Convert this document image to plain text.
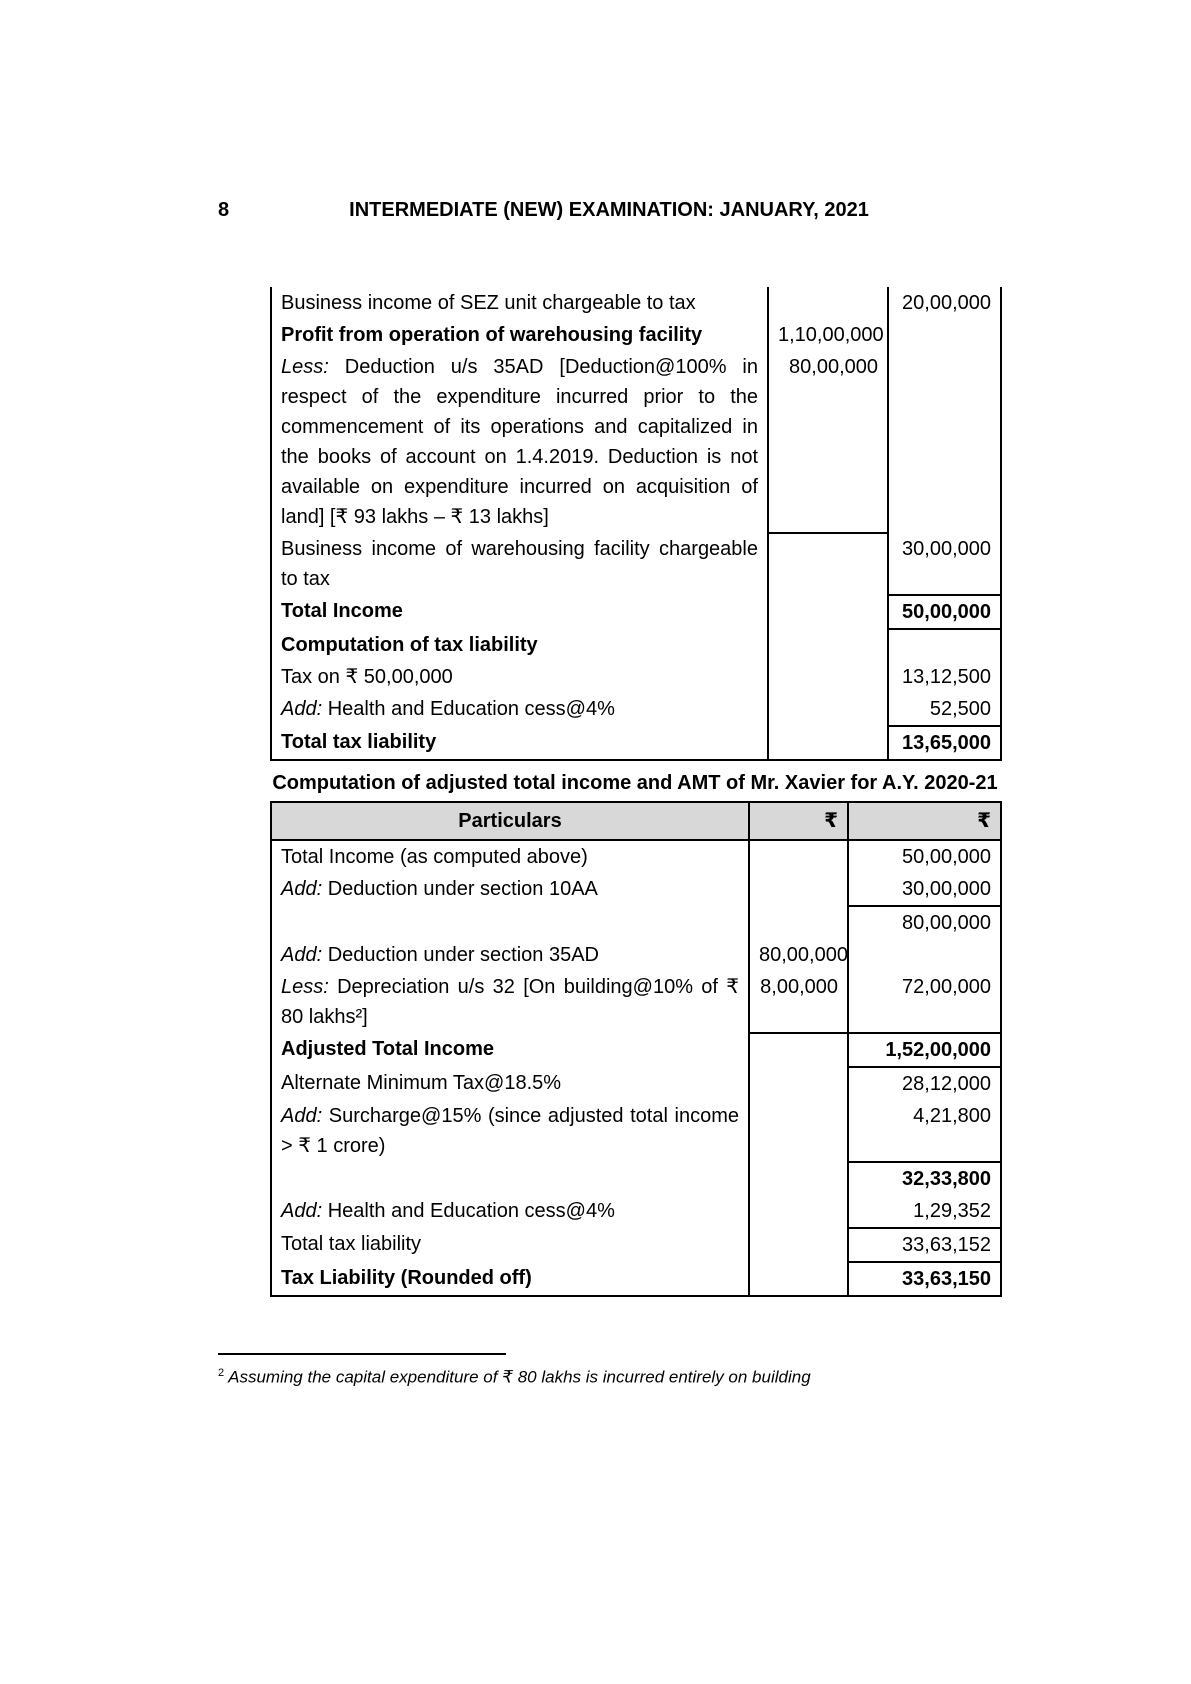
8	INTERMEDIATE (NEW) EXAMINATION: JANUARY, 2021
Business income of SEZ unit chargeable to tax		20,00,000
Profit from operation of warehousing facility	1,10,00,000	
Less: Deduction u/s 35AD [Deduction@100% in respect of the expenditure incurred prior to the commencement of its operations and capitalized in the books of account on 1.4.2019. Deduction is not available on expenditure incurred on acquisition of land] [₹ 93 lakhs – ₹ 13 lakhs]	80,00,000	
Business income of warehousing facility chargeable to tax		30,00,000
Total Income		50,00,000
Computation of tax liability		
Tax on ₹ 50,00,000		13,12,500
Add: Health and Education cess@4%		52,500
Total tax liability		13,65,000
Computation of adjusted total income and AMT of Mr. Xavier for A.Y. 2020-21
Particulars	₹	₹
Total Income (as computed above)		50,00,000
Add: Deduction under section 10AA		30,00,000
		80,00,000
Add: Deduction under section 35AD	80,00,000	
Less: Depreciation u/s 32 [On building@10% of ₹ 80 lakhs²]	8,00,000	72,00,000
Adjusted Total Income		1,52,00,000
Alternate Minimum Tax@18.5%		28,12,000
Add: Surcharge@15% (since adjusted total income > ₹ 1 crore)		4,21,800
		32,33,800
Add: Health and Education cess@4%		1,29,352
Total tax liability		33,63,152
Tax Liability (Rounded off)		33,63,150
$^2$ Assuming the capital expenditure of ₹ 80 lakhs is incurred entirely on building
